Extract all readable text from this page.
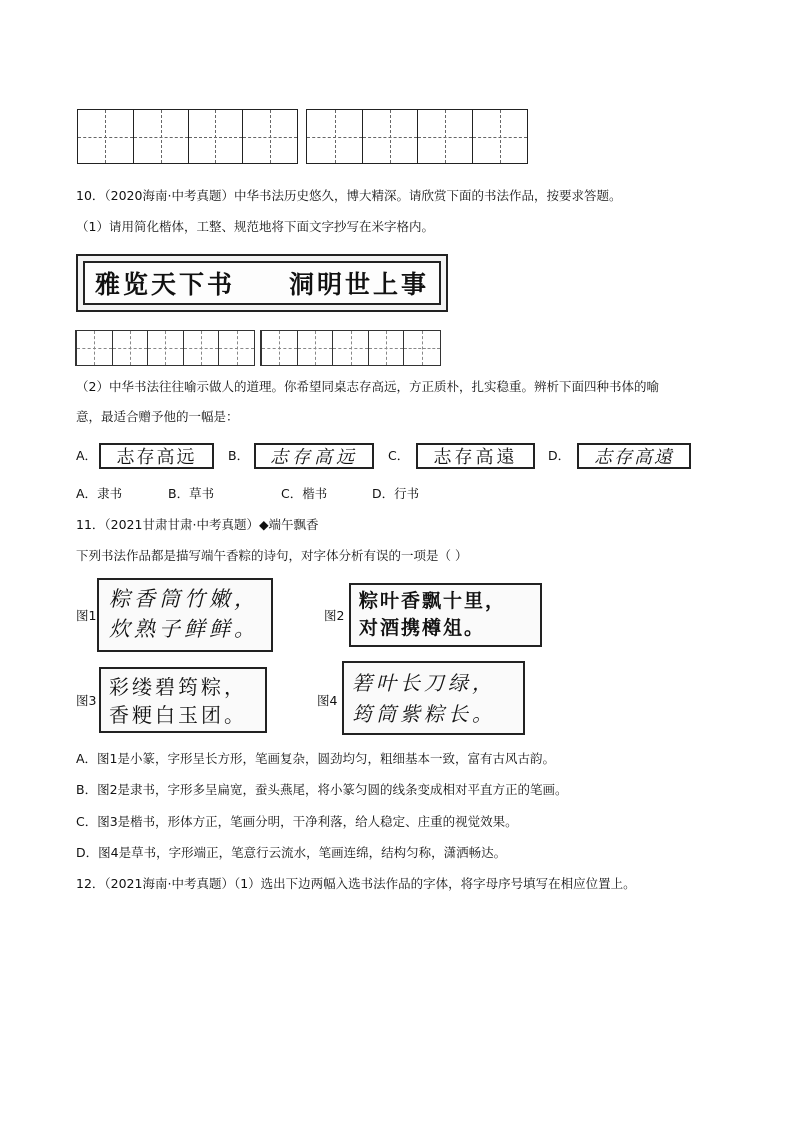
10．（2020海南·中考真题）中华书法历史悠久，博大精深。请欣赏下面的书法作品，按要求答题。
（1）请用简化楷体，工整、规范地将下面文字抄写在米字格内。
雅览天下书 洞明世上事
（2）中华书法往往喻示做人的道理。你希望同桌志存高远，方正质朴，扎实稳重。辨析下面四种书体的喻
意，最适合赠予他的一幅是：
A．	志存高远	B．	志存高远	C．	志存高遠	D．	志存高遠
A．隶书	B．草书	C．楷书	D．行书
11．（2021甘肃甘肃·中考真题）◆端午飘香
下列书法作品都是描写端午香粽的诗句，对字体分析有误的一项是（ ）
图1
粽香筒竹嫩，
炊熟子鲜鲜。
图2
粽叶香飘十里，
对酒携樽俎。
图3
彩缕碧筠粽，
香粳白玉团。
图4
箬叶长刀绿，
筠筒紫粽长。
A．图1是小篆，字形呈长方形，笔画复杂，圆劲均匀，粗细基本一致，富有古风古韵。
B．图2是隶书，字形多呈扁宽，蚕头燕尾，将小篆匀圆的线条变成相对平直方正的笔画。
C．图3是楷书，形体方正，笔画分明，干净利落，给人稳定、庄重的视觉效果。
D．图4是草书，字形端正，笔意行云流水，笔画连绵，结构匀称，潇洒畅达。
12．（2021海南·中考真题）（1）选出下边两幅入选书法作品的字体，将字母序号填写在相应位置上。
